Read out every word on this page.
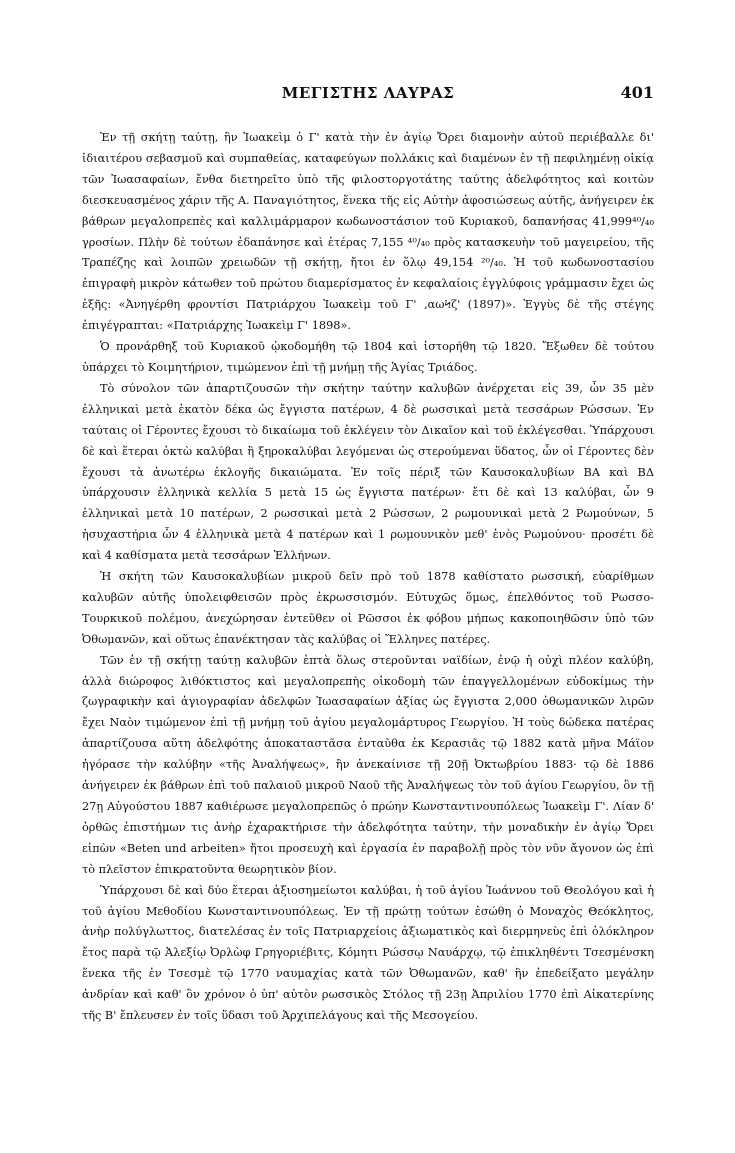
ΜΕΓΙΣΤΗΣ ΛΑΥΡΑΣ	401

Ἐν τῇ σκήτῃ ταύτῃ, ἣν Ἰωακεὶμ ὁ Γ' κατὰ τὴν ἐν ἁγίῳ Ὄρει διαμονὴν αὐτοῦ περιέβαλλε δι' ἰδιαιτέρου σεβασμοῦ καὶ συμπαθείας, καταφεύγων πολλάκις καὶ διαμένων ἐν τῇ πεφιλημένῃ οἰκίᾳ τῶν Ἰωασαφαίων, ἔνθα διετηρεῖτο ὑπὸ τῆς φιλοστοργοτάτης ταύτης ἀδελφότητος καὶ κοιτὼν διεσκευασμένος χάριν τῆς Α. Παναγιότητος, ἕνεκα τῆς εἰς Αὐτὴν ἀφοσιώσεως αὐτῆς, ἀνήγειρεν ἐκ βάθρων μεγαλοπρεπὲς καὶ καλλιμάρμαρον κωδωνοστάσιον τοῦ Κυριακοῦ, δαπανήσας 41,999⁴⁰/₄₀ γροσίων. Πλὴν δὲ τούτων ἐδαπάνησε καὶ ἑτέρας 7,155 ⁴⁰/₄₀ πρὸς κατασκευὴν τοῦ μαγειρείου, τῆς Τραπέζης καὶ λοιπῶν χρειωδῶν τῇ σκήτῃ, ἤτοι ἐν ὅλῳ 49,154 ²⁰/₄₀. Ἡ τοῦ κωδωνοστασίου ἐπιγραφὴ μικρὸν κάτωθεν τοῦ πρώτου διαμερίσματος ἐν κεφαλαίοις ἐγγλύφοις γράμμασιν ἔχει ὡς ἑξῆς: «Ἀνηγέρθη φροντίσι Πατριάρχου Ἰωακεὶμ τοῦ Γ' ,αωϞζ' (1897)». Ἐγγὺς δὲ τῆς στέγης ἐπιγέγραπται: «Πατριάρχης Ἰωακεὶμ Γ' 1898».

Ὁ προνάρθηξ τοῦ Κυριακοῦ ᾠκοδομήθη τῷ 1804 καὶ ἱστορήθη τῷ 1820. Ἔξωθεν δὲ τούτου ὑπάρχει τὸ Κοιμητήριον, τιμώμενον ἐπὶ τῇ μνήμῃ τῆς Ἁγίας Τριάδος.

Τὸ σύνολον τῶν ἀπαρτιζουσῶν τὴν σκήτην ταύτην καλυβῶν ἀνέρχεται εἰς 39, ὧν 35 μὲν ἑλληνικαὶ μετὰ ἑκατὸν δέκα ὡς ἔγγιστα πατέρων, 4 δὲ ρωσσικαὶ μετὰ τεσσάρων Ρώσσων. Ἐν ταύταις οἱ Γέροντες ἔχουσι τὸ δικαίωμα τοῦ ἐκλέγειν τὸν Δικαῖον καὶ τοῦ ἐκλέγεσθαι. Ὑπάρχουσι δὲ καὶ ἕτεραι ὀκτὼ καλύβαι ἢ ξηροκαλύβαι λεγόμεναι ὡς στερούμεναι ὕδατος, ὧν οἱ Γέροντες δὲν ἔχουσι τὰ ἀνωτέρω ἐκλογῆς δικαιώματα. Ἐν τοῖς πέριξ τῶν Καυσοκαλυβίων ΒΑ καὶ ΒΔ ὑπάρχουσιν ἑλληνικὰ κελλία 5 μετὰ 15 ὡς ἔγγιστα πατέρων· ἔτι δὲ καὶ 13 καλύβαι, ὧν 9 ἑλληνικαὶ μετὰ 10 πατέρων, 2 ρωσσικαὶ μετὰ 2 Ρώσσων, 2 ρωμουνικαὶ μετὰ 2 Ρωμούνων, 5 ἡσυχαστήρια ὧν 4 ἑλληνικὰ μετὰ 4 πατέρων καὶ 1 ρωμουνικὸν μεθ' ἑνὸς Ρωμούνου· προσέτι δὲ καὶ 4 καθίσματα μετὰ τεσσάρων Ἑλλήνων.

Ἡ σκήτη τῶν Καυσοκαλυβίων μικροῦ δεῖν πρὸ τοῦ 1878 καθίστατο ρωσσική, εὐαρίθμων καλυβῶν αὐτῆς ὑπολειφθεισῶν πρὸς ἐκρωσσισμόν. Εὐτυχῶς ὅμως, ἐπελθόντος τοῦ Ρωσσο-Τουρκικοῦ πολέμου, ἀνεχώρησαν ἐντεῦθεν οἱ Ρῶσσοι ἐκ φόβου μήπως κακοποιηθῶσιν ὑπὸ τῶν Ὀθωμανῶν, καὶ οὕτως ἐπανέκτησαν τὰς καλύβας οἱ Ἕλληνες πατέρες.

Τῶν ἐν τῇ σκήτῃ ταύτῃ καλυβῶν ἑπτὰ ὅλως στεροῦνται ναϊδίων, ἐνῷ ἡ οὐχὶ πλέον καλύβη, ἀλλὰ διώροφος λιθόκτιστος καὶ μεγαλοπρεπὴς οἰκοδομὴ τῶν ἐπαγγελλομένων εὐδοκίμως τὴν ζωγραφικὴν καὶ ἁγιογραφίαν ἀδελφῶν Ἰωασαφαίων ἀξίας ὡς ἔγγιστα 2,000 ὀθωμανικῶν λιρῶν ἔχει Ναὸν τιμώμενον ἐπὶ τῇ μνήμῃ τοῦ ἁγίου μεγαλομάρτυρος Γεωργίου. Ἡ τοὺς δώδεκα πατέρας ἀπαρτίζουσα αὕτη ἀδελφότης ἀποκαταστᾶσα ἐνταῦθα ἐκ Κερασιᾶς τῷ 1882 κατὰ μῆνα Μάϊον ἠγόρασε τὴν καλύβην «τῆς Ἀναλήψεως», ἣν ἀνεκαίνισε τῇ 20ῇ Ὀκτωβρίου 1883· τῷ δὲ 1886 ἀνήγειρεν ἐκ βάθρων ἐπὶ τοῦ παλαιοῦ μικροῦ Ναοῦ τῆς Ἀναλήψεως τὸν τοῦ ἁγίου Γεωργίου, ὃν τῇ 27ῃ Αὐγούστου 1887 καθιέρωσε μεγαλοπρεπῶς ὁ πρώην Κωνσταντινουπόλεως Ἰωακεὶμ Γ'. Λίαν δ' ὀρθῶς ἐπιστήμων τις ἀνὴρ ἐχαρακτήρισε τὴν ἀδελφότητα ταύτην, τὴν μοναδικὴν ἐν ἁγίῳ Ὄρει εἰπὼν «Beten und arbeiten» ἤτοι προσευχὴ καὶ ἐργασία ἐν παραβολῇ πρὸς τὸν νῦν ἄγονον ὡς ἐπὶ τὸ πλεῖστον ἐπικρατοῦντα θεωρητικὸν βίον.

Ὑπάρχουσι δὲ καὶ δύο ἕτεραι ἀξιοσημείωτοι καλύβαι, ἡ τοῦ ἁγίου Ἰωάννου τοῦ Θεολόγου καὶ ἡ τοῦ ἁγίου Μεθοδίου Κωνσταντινουπόλεως. Ἐν τῇ πρώτῃ τούτων ἐσώθη ὁ Μοναχὸς Θεόκλητος, ἀνὴρ πολύγλωττος, διατελέσας ἐν τοῖς Πατριαρχείοις ἀξιωματικὸς καὶ διερμηνεὺς ἐπὶ ὁλόκληρον ἔτος παρὰ τῷ Ἀλεξίῳ Ὀρλὼφ Γρηγοριέβιτς, Κόμητι Ρώσσῳ Ναυάρχῳ, τῷ ἐπικληθέντι Τσεσμένσκη ἕνεκα τῆς ἐν Τσεσμὲ τῷ 1770 ναυμαχίας κατὰ τῶν Ὀθωμανῶν, καθ' ἣν ἐπεδείξατο μεγάλην ἀνδρίαν καὶ καθ' ὃν χρόνον ὁ ὑπ' αὐτὸν ρωσσικὸς Στόλος τῇ 23ῃ Ἀπριλίου 1770 ἐπὶ Αἰκατερίνης τῆς Β' ἔπλευσεν ἐν τοῖς ὕδασι τοῦ Ἀρχιπελάγους καὶ τῆς Μεσογείου.
